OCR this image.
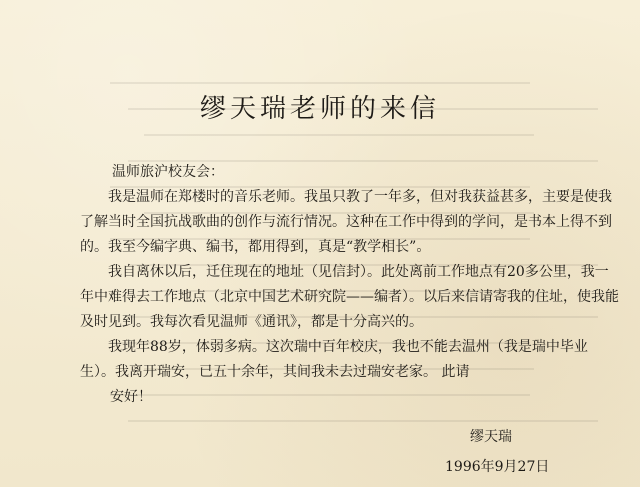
缪天瑞老师的来信

温师旅沪校友会：

我是温师在郑楼时的音乐老师。我虽只教了一年多，但对我获益甚多，主要是使我了解当时全国抗战歌曲的创作与流行情况。这种在工作中得到的学问，是书本上得不到的。我至今编字典、编书，都用得到，真是“教学相长”。

我自离休以后，迁住现在的地址（见信封）。此处离前工作地点有20多公里，我一年中难得去工作地点（北京中国艺术研究院——编者）。以后来信请寄我的住址，使我能及时见到。我每次看见温师《通讯》，都是十分高兴的。

我现年88岁，体弱多病。这次瑞中百年校庆，我也不能去温州（我是瑞中毕业生）。我离开瑞安，已五十余年，其间我未去过瑞安老家。 此请

安好！

缪天瑞
1996年9月27日
